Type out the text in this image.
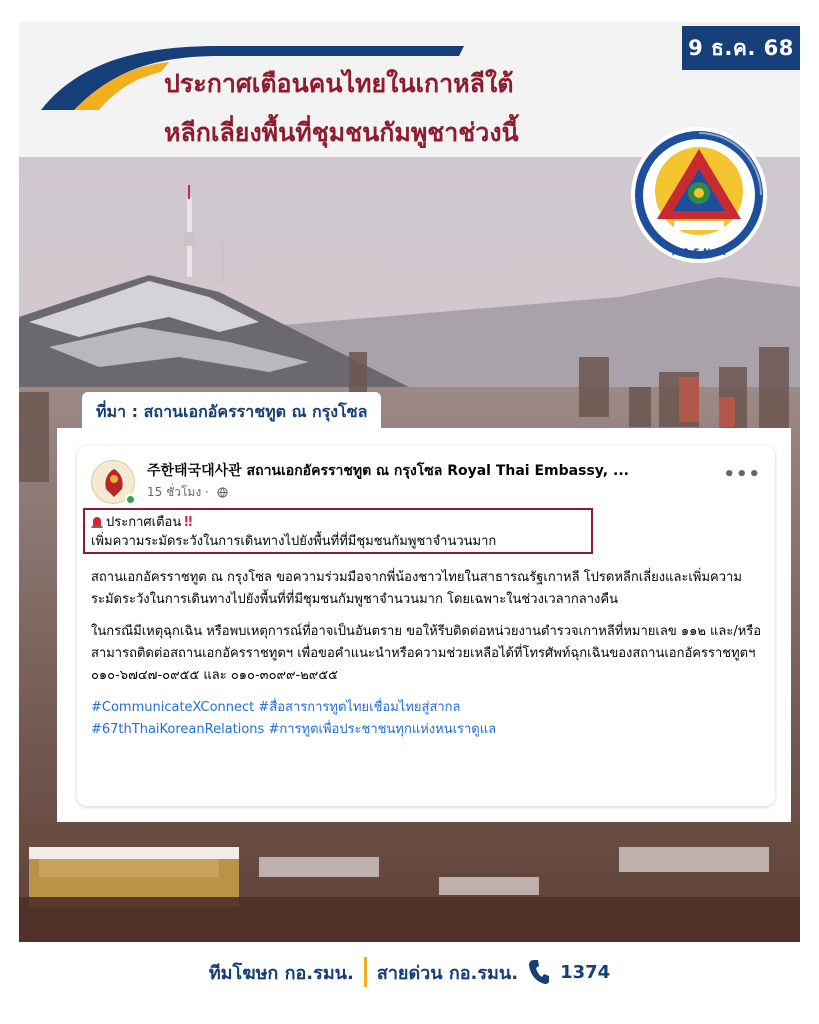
9 ธ.ค. 68
ประกาศเตือนคนไทยในเกาหลีใต้
หลีกเลี่ยงพื้นที่ชุมชนกัมพูชาช่วงนี้
ก.อ.ร.ม.น.
ที่มา : สถานเอกอัครราชทูต ณ กรุงโซล
주한태국대사관 สถานเอกอัครราชทูต ณ กรุงโซล Royal Thai Embassy, ...
15 ชั่วโมง ·
•••
ประกาศเตือน ‼
เพิ่มความระมัดระวังในการเดินทางไปยังพื้นที่ที่มีชุมชนกัมพูชาจำนวนมาก

สถานเอกอัครราชทูต ณ กรุงโซล ขอความร่วมมือจากพี่น้องชาวไทยในสาธารณรัฐเกาหลี โปรดหลีกเลี่ยงและเพิ่มความระมัดระวังในการเดินทางไปยังพื้นที่ที่มีชุมชนกัมพูชาจำนวนมาก โดยเฉพาะในช่วงเวลากลางคืน

ในกรณีมีเหตุฉุกเฉิน หรือพบเหตุการณ์ที่อาจเป็นอันตราย ขอให้รีบติดต่อหน่วยงานตำรวจเกาหลีที่หมายเลข ๑๑๒ และ/หรือสามารถติดต่อสถานเอกอัครราชทูตฯ เพื่อขอคำแนะนำหรือความช่วยเหลือได้ที่โทรศัพท์ฉุกเฉินของสถานเอกอัครราชทูตฯ ๐๑๐-๖๗๔๗-๐๙๕๕ และ ๐๑๐-๓๐๙๙-๒๙๕๕

#CommunicateXConnect #สื่อสารการทูตไทยเชื่อมไทยสู่สากล
#67thThaiKoreanRelations #การทูตเพื่อประชาชนทุกแห่งหนเราดูแล
ทีมโฆษก กอ.รมน. สายด่วน กอ.รมน. 1374
